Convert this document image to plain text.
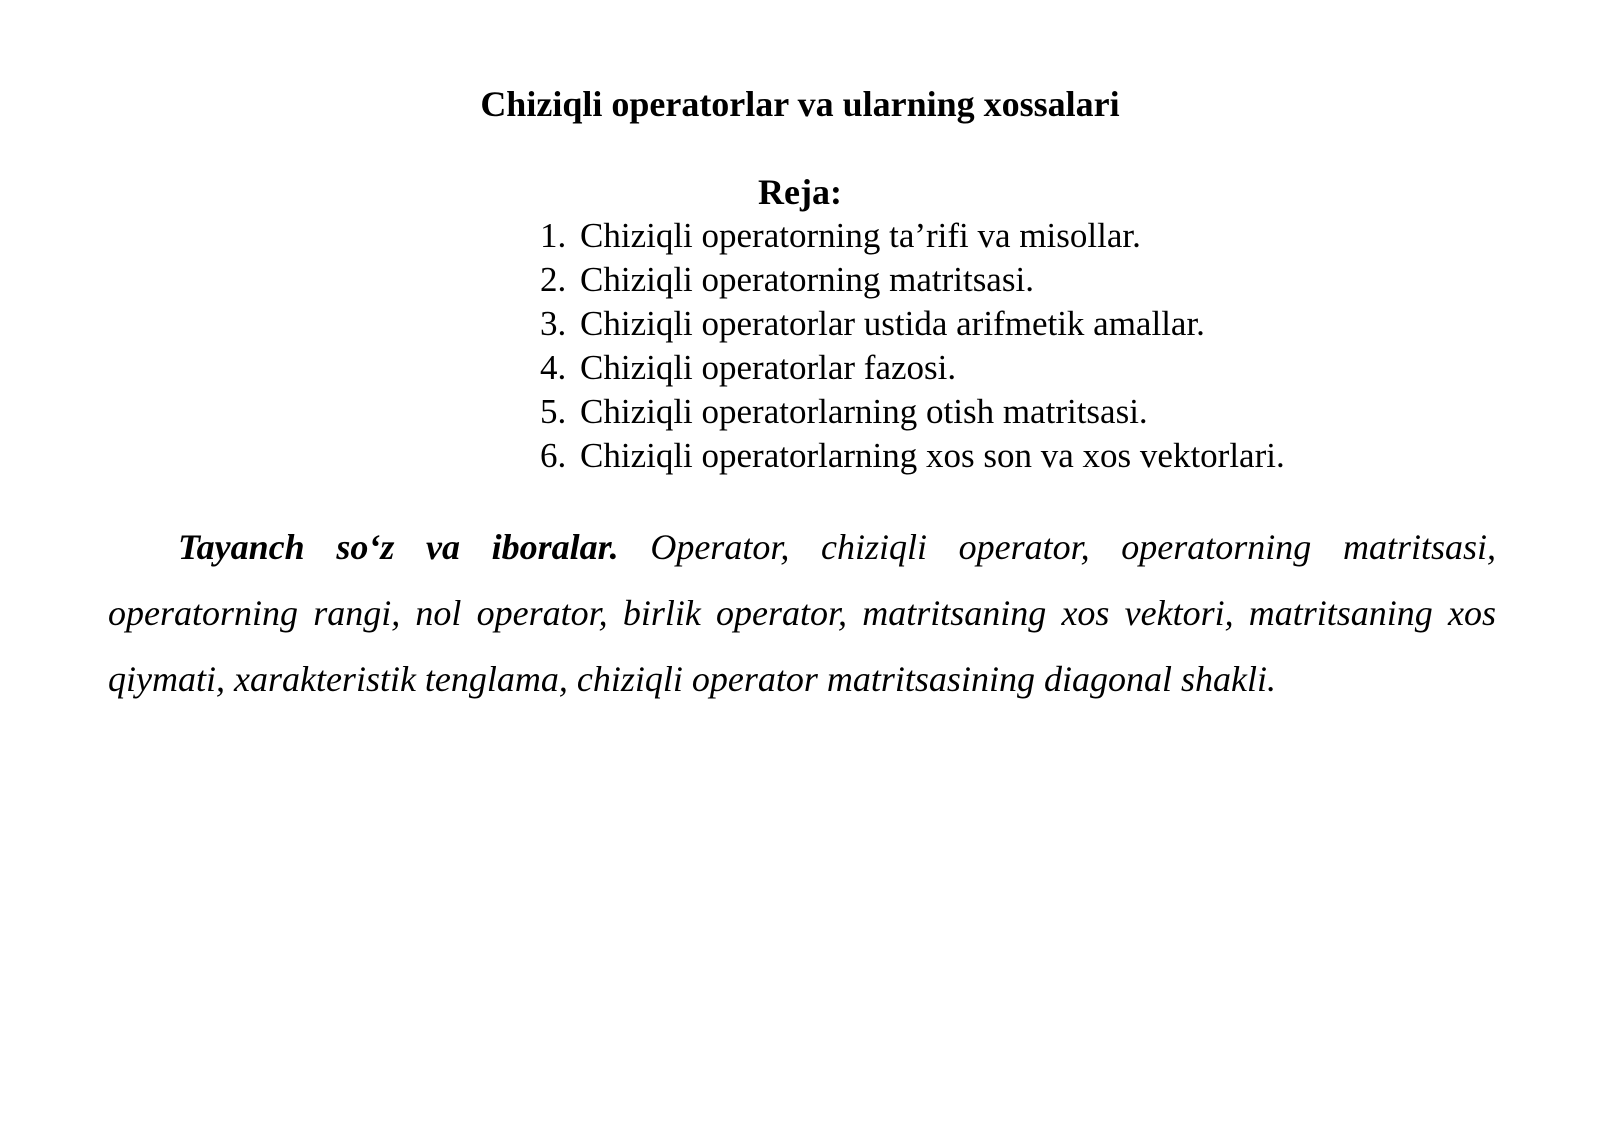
Chiziqli operatorlar va ularning xossalari
Reja:
1. Chiziqli operatorning ta’rifi va misollar.
2. Chiziqli operatorning matritsasi.
3. Chiziqli operatorlar ustida arifmetik amallar.
4. Chiziqli operatorlar fazosi.
5. Chiziqli operatorlarning otish matritsasi.
6. Chiziqli operatorlarning xos son va xos vektorlari.

Tayanch so‘z va iboralar. Operator, chiziqli operator, operatorning matritsasi, operatorning rangi, nol operator, birlik operator, matritsaning xos vektori, matritsaning xos qiymati, xarakteristik tenglama, chiziqli operator matritsasining diagonal shakli.
